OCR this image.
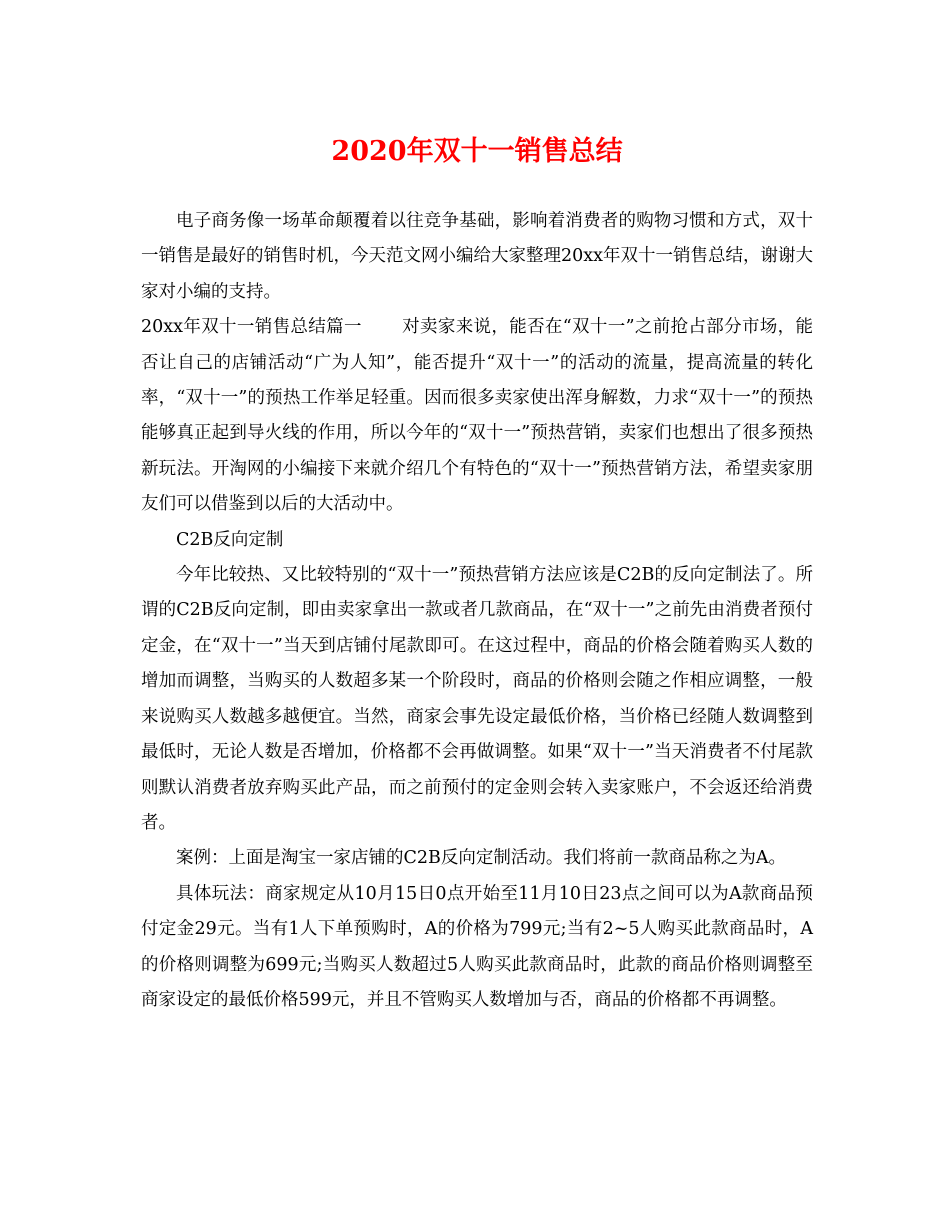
2020年双十一销售总结

电子商务像一场革命颠覆着以往竞争基础，影响着消费者的购物习惯和方式，双十一销售是最好的销售时机，今天范文网小编给大家整理20xx年双十一销售总结，谢谢大家对小编的支持。

20xx年双十一销售总结篇一 对卖家来说，能否在“双十一”之前抢占部分市场，能否让自己的店铺活动“广为人知”，能否提升“双十一”的活动的流量，提高流量的转化率，“双十一”的预热工作举足轻重。因而很多卖家使出浑身解数，力求“双十一”的预热能够真正起到导火线的作用，所以今年的“双十一”预热营销，卖家们也想出了很多预热新玩法。开淘网的小编接下来就介绍几个有特色的“双十一”预热营销方法，希望卖家朋友们可以借鉴到以后的大活动中。

C2B反向定制

今年比较热、又比较特别的“双十一”预热营销方法应该是C2B的反向定制法了。所谓的C2B反向定制，即由卖家拿出一款或者几款商品，在“双十一”之前先由消费者预付定金，在“双十一”当天到店铺付尾款即可。在这过程中，商品的价格会随着购买人数的增加而调整，当购买的人数超多某一个阶段时，商品的价格则会随之作相应调整，一般来说购买人数越多越便宜。当然，商家会事先设定最低价格，当价格已经随人数调整到最低时，无论人数是否增加，价格都不会再做调整。如果“双十一”当天消费者不付尾款则默认消费者放弃购买此产品，而之前预付的定金则会转入卖家账户，不会返还给消费者。

案例：上面是淘宝一家店铺的C2B反向定制活动。我们将前一款商品称之为A。

具体玩法：商家规定从10月15日0点开始至11月10日23点之间可以为A款商品预付定金29元。当有1人下单预购时，A的价格为799元;当有2~5人购买此款商品时，A的价格则调整为699元;当购买人数超过5人购买此款商品时，此款的商品价格则调整至商家设定的最低价格599元，并且不管购买人数增加与否，商品的价格都不再调整。
